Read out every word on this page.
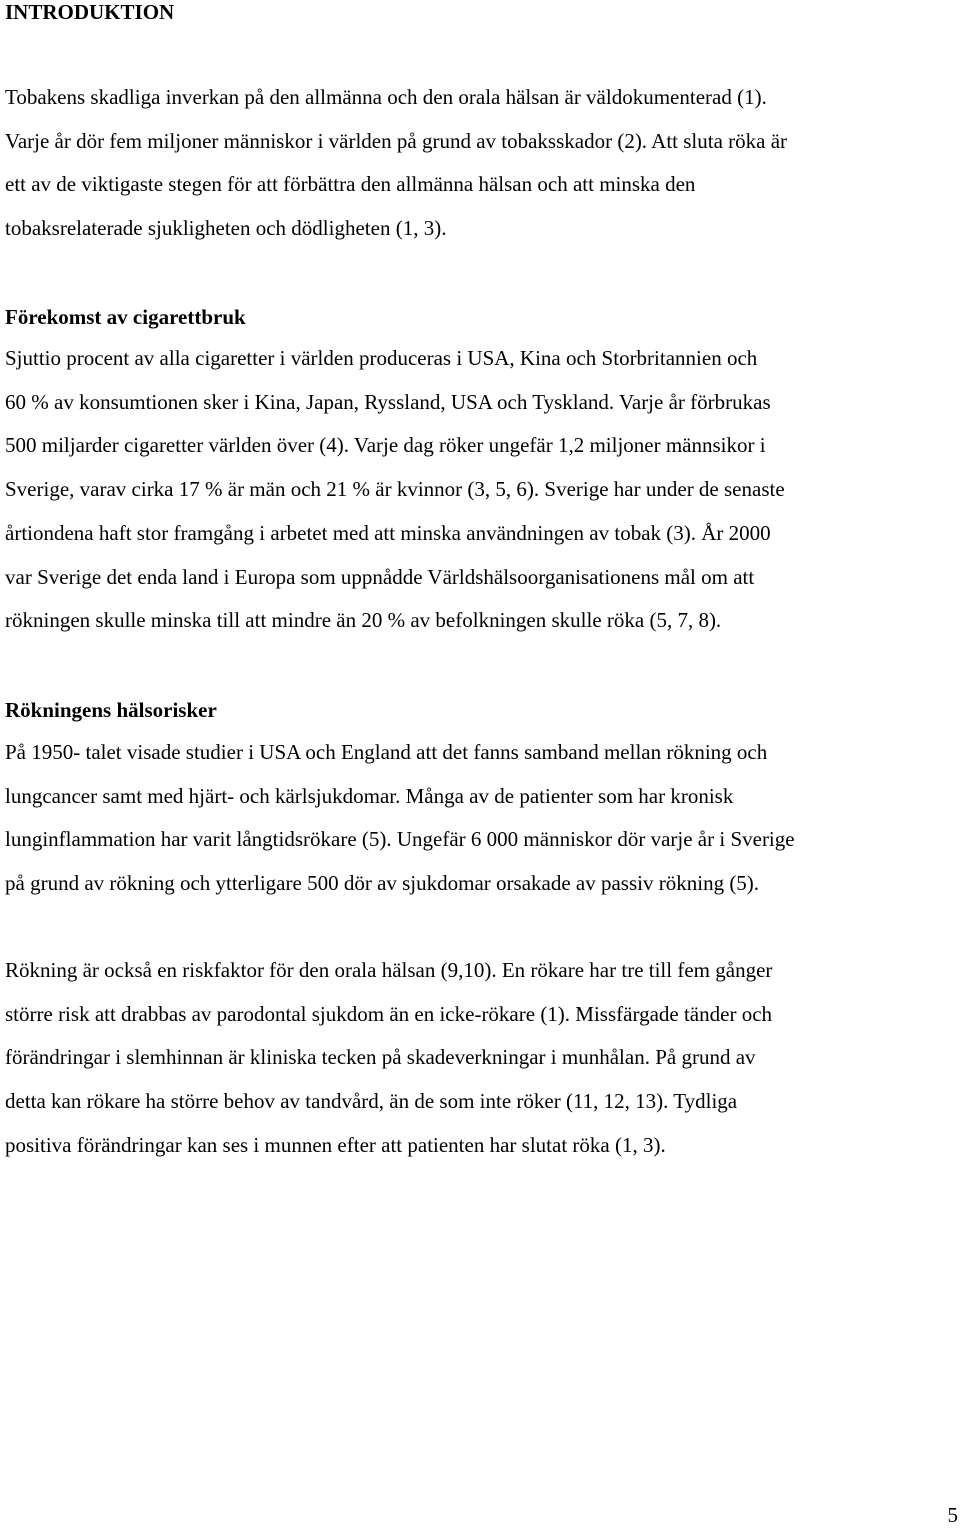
INTRODUKTION

Tobakens skadliga inverkan på den allmänna och den orala hälsan är väldokumenterad (1).
Varje år dör fem miljoner människor i världen på grund av tobaksskador (2). Att sluta röka är
ett av de viktigaste stegen för att förbättra den allmänna hälsan och att minska den
tobaksrelaterade sjukligheten och dödligheten (1, 3).

Förekomst av cigarettbruk

Sjuttio procent av alla cigaretter i världen produceras i USA, Kina och Storbritannien och
60 % av konsumtionen sker i Kina, Japan, Ryssland, USA och Tyskland. Varje år förbrukas
500 miljarder cigaretter världen över (4). Varje dag röker ungefär 1,2 miljoner männsikor i
Sverige, varav cirka 17 % är män och 21 % är kvinnor (3, 5, 6). Sverige har under de senaste
årtiondena haft stor framgång i arbetet med att minska användningen av tobak (3). År 2000
var Sverige det enda land i Europa som uppnådde Världshälsoorganisationens mål om att
rökningen skulle minska till att mindre än 20 % av befolkningen skulle röka (5, 7, 8).

Rökningens hälsorisker

På 1950- talet visade studier i USA och England att det fanns samband mellan rökning och
lungcancer samt med hjärt- och kärlsjukdomar. Många av de patienter som har kronisk
lunginflammation har varit långtidsrökare (5). Ungefär 6 000 människor dör varje år i Sverige
på grund av rökning och ytterligare 500 dör av sjukdomar orsakade av passiv rökning (5).

Rökning är också en riskfaktor för den orala hälsan (9,10). En rökare har tre till fem gånger
större risk att drabbas av parodontal sjukdom än en icke-rökare (1). Missfärgade tänder och
förändringar i slemhinnan är kliniska tecken på skadeverkningar i munhålan. På grund av
detta kan rökare ha större behov av tandvård, än de som inte röker (11, 12, 13). Tydliga
positiva förändringar kan ses i munnen efter att patienten har slutat röka (1, 3).

5
